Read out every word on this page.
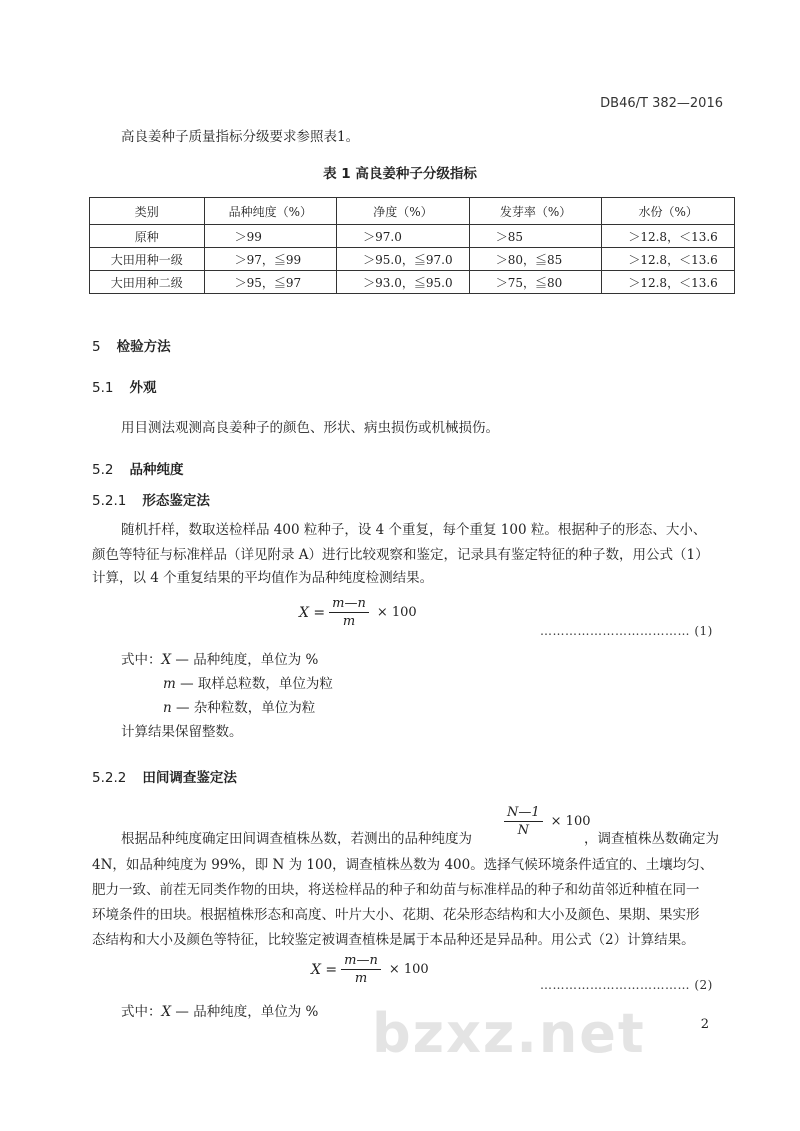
DB46/T 382—2016
高良姜种子质量指标分级要求参照表1。
表 1 高良姜种子分级指标
类别	品种纯度（%）	净度（%）	发芽率（%）	水份（%）
原种	＞99	＞97.0	＞85	＞12.8，＜13.6
大田用种一级	＞97，≦99	＞95.0，≦97.0	＞80，≦85	＞12.8，＜13.6
大田用种二级	＞95，≦97	＞93.0，≦95.0	＞75，≦80	＞12.8，＜13.6
5 检验方法
5.1 外观
用目测法观测高良姜种子的颜色、形状、病虫损伤或机械损伤。
5.2 品种纯度
5.2.1 形态鉴定法
随机扦样，数取送检样品 400 粒种子，设 4 个重复，每个重复 100 粒。根据种子的形态、大小、
颜色等特征与标准样品（详见附录 A）进行比较观察和鉴定，记录具有鉴定特征的种子数，用公式（1）
计算，以 4 个重复结果的平均值作为品种纯度检测结果。
$X = \frac{m—n}{m} \times 100$
……………………………… (1)
式中：X — 品种纯度，单位为 %
m — 取样总粒数，单位为粒
n — 杂种粒数，单位为粒
计算结果保留整数。
5.2.2 田间调查鉴定法
根据品种纯度确定田间调查植株丛数，若测出的品种纯度为
$\frac{N—1}{N} \times 100$
，调查植株丛数确定为
4N，如品种纯度为 99%，即 N 为 100，调查植株丛数为 400。选择气候环境条件适宜的、土壤均匀、
肥力一致、前茬无同类作物的田块，将送检样品的种子和幼苗与标准样品的种子和幼苗邻近种植在同一
环境条件的田块。根据植株形态和高度、叶片大小、花期、花朵形态结构和大小及颜色、果期、果实形
态结构和大小及颜色等特征，比较鉴定被调查植株是属于本品种还是异品种。用公式（2）计算结果。
$X = \frac{m—n}{m} \times 100$
……………………………… (2)
式中：X — 品种纯度，单位为 % bzxz.net	2
